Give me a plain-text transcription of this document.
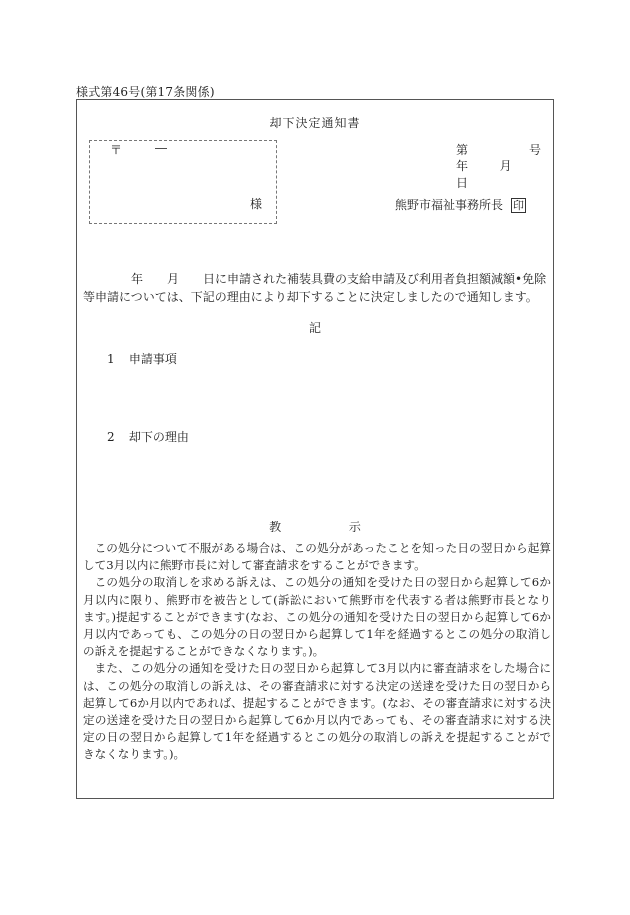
様式第46号(第17条関係)
却下決定通知書
〒	―
様
第	号
年	月  日
熊野市福祉事務所長 印
年 月 日に申請された補装具費の支給申請及び利用者負担額減額•免除等申請については、下記の理由により却下することに決定しましたので通知します。
記
1 申請事項
2 却下の理由
教	示

この処分について不服がある場合は、この処分があったことを知った日の翌日から起算して3月以内に熊野市長に対して審査請求をすることができます。

この処分の取消しを求める訴えは、この処分の通知を受けた日の翌日から起算して6か月以内に限り、熊野市を被告として(訴訟において熊野市を代表する者は熊野市長となります。)提起することができます(なお、この処分の通知を受けた日の翌日から起算して6か月以内であっても、この処分の日の翌日から起算して1年を経過するとこの処分の取消しの訴えを提起することができなくなります。)。

また、この処分の通知を受けた日の翌日から起算して3月以内に審査請求をした場合には、この処分の取消しの訴えは、その審査請求に対する決定の送達を受けた日の翌日から起算して6か月以内であれば、提起することができます。(なお、その審査請求に対する決定の送達を受けた日の翌日から起算して6か月以内であっても、その審査請求に対する決定の日の翌日から起算して1年を経過するとこの処分の取消しの訴えを提起することができなくなります。)。
